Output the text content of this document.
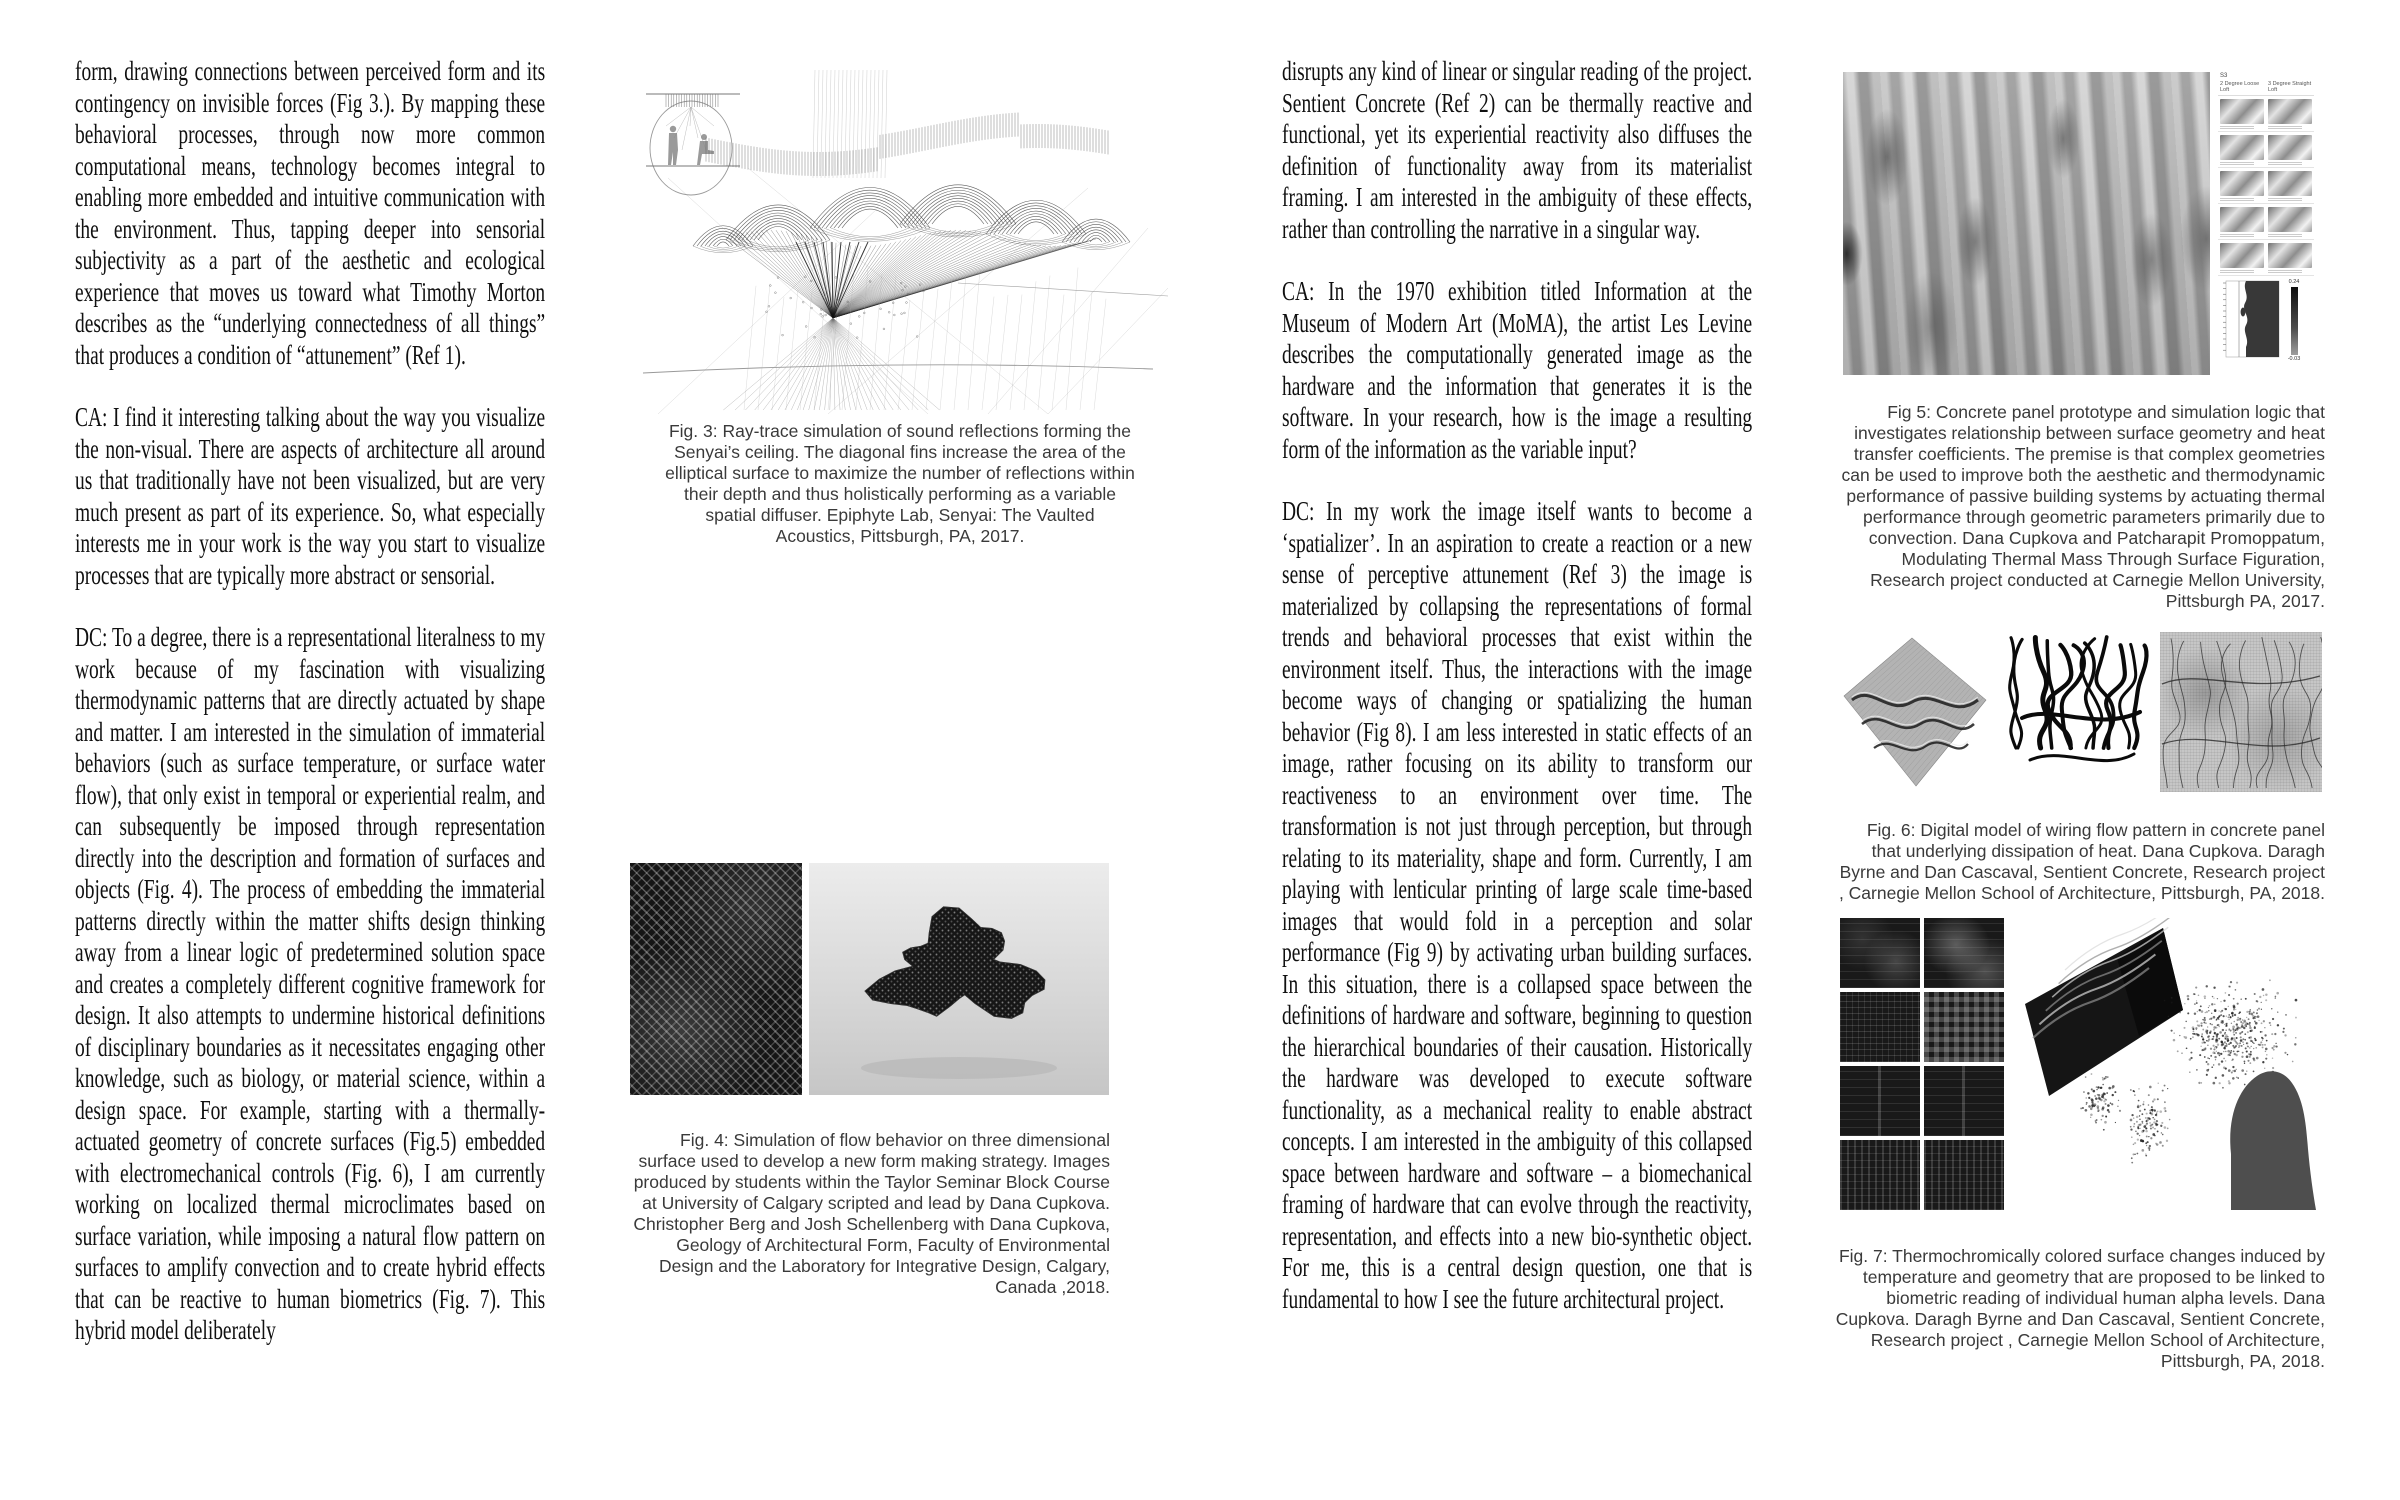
form, drawing connections between perceived form and its contingency on invisible forces (Fig 3.). By mapping these behavioral processes, through now more common computational means, technology becomes integral to enabling more embedded and intuitive communication with the environment. Thus, tapping deeper into sensorial subjectivity as a part of the aesthetic and ecological experience that moves us toward what Timothy Morton describes as the “underlying connectedness of all things” that produces a condition of “attunement” (Ref 1).

CA: I find it interesting talking about the way you visualize the non-visual. There are aspects of architecture all around us that traditionally have not been visualized, but are very much present as part of its experience. So, what especially interests me in your work is the way you start to visualize processes that are typically more abstract or sensorial.

DC: To a degree, there is a representational literalness to my work because of my fascination with visualizing thermodynamic patterns that are directly actuated by shape and matter. I am interested in the simulation of immaterial behaviors (such as surface temperature, or surface water flow), that only exist in temporal or experiential realm, and can subsequently be imposed through representation directly into the description and formation of surfaces and objects (Fig. 4). The process of embedding the immaterial patterns directly within the matter shifts design thinking away from a linear logic of predetermined solution space and creates a completely different cognitive framework for design. It also attempts to undermine historical definitions of disciplinary boundaries as it necessitates engaging other knowledge, such as biology, or material science, within a design space. For example, starting with a thermally-actuated geometry of concrete surfaces (Fig.5) embedded with electromechanical controls (Fig. 6), I am currently working on localized thermal microclimates based on surface variation, while imposing a natural flow pattern on surfaces to amplify convection and to create hybrid effects that can be reactive to human biometrics (Fig. 7). This hybrid model deliberately

Fig. 3: Ray-trace simulation of sound reflections forming the Senyai’s ceiling. The diagonal fins increase the area of the elliptical surface to maximize the number of reflections within their depth and thus holistically performing as a variable spatial diffuser. Epiphyte Lab, Senyai: The Vaulted Acoustics, Pittsburgh, PA, 2017.
Fig. 4: Simulation of flow behavior on three dimensional surface used to develop a new form making strategy. Images produced by students within the Taylor Seminar Block Course at University of Calgary scripted and lead by Dana Cupkova. Christopher Berg and Josh Schellenberg with Dana Cupkova, Geology of Architectural Form, Faculty of Environmental Design and the Laboratory for Integrative Design, Calgary, Canada ,2018.

disrupts any kind of linear or singular reading of the project. Sentient Concrete (Ref 2) can be thermally reactive and functional, yet its experiential reactivity also diffuses the definition of functionality away from its materialist framing. I am interested in the ambiguity of these effects, rather than controlling the narrative in a singular way.

CA: In the 1970 exhibition titled Information at the Museum of Modern Art (MoMA), the artist Les Levine describes the computationally generated image as the hardware and the information that generates it is the software. In your research, how is the image a resulting form of the information as the variable input?

DC: In my work the image itself wants to become a ‘spatializer’. In an aspiration to create a reaction or a new sense of perceptive attunement (Ref 3) the image is materialized by collapsing the representations of formal trends and behavioral processes that exist within the environment itself. Thus, the interactions with the image become ways of changing or spatializing the human behavior (Fig 8). I am less interested in static effects of an image, rather focusing on its ability to transform our reactiveness to an environment over time. The transformation is not just through perception, but through relating to its materiality, shape and form. Currently, I am playing with lenticular printing of large scale time-based images that would fold in a perception and solar performance (Fig 9) by activating urban building surfaces. In this situation, there is a collapsed space between the definitions of hardware and software, beginning to question the hierarchical boundaries of their causation. Historically the hardware was developed to execute software functionality, as a mechanical reality to enable abstract concepts. I am interested in the ambiguity of this collapsed space between hardware and software – a biomechanical framing of hardware that can evolve through the reactivity, representation, and effects into a new bio-synthetic object. For me, this is a central design question, one that is fundamental to how I see the future architectural project.

S3
2 Degree Loose Loft
3 Degree Straight Loft
0.24
-0.03
Fig 5: Concrete panel prototype and simulation logic that investigates relationship between surface geometry and heat transfer coefficients. The premise is that complex geometries can be used to improve both the aesthetic and thermodynamic performance of passive building systems by actuating thermal performance through geometric parameters primarily due to convection. Dana Cupkova and Patcharapit Promoppatum, Modulating Thermal Mass Through Surface Figuration, Research project conducted at Carnegie Mellon University, Pittsburgh PA, 2017.
Fig. 6: Digital model of wiring flow pattern in concrete panel that underlying dissipation of heat. Dana Cupkova. Daragh Byrne and Dan Cascaval, Sentient Concrete, Research project , Carnegie Mellon School of Architecture, Pittsburgh, PA, 2018.
Fig. 7: Thermochromically colored surface changes induced by temperature and geometry that are proposed to be linked to biometric reading of individual human alpha levels. Dana Cupkova. Daragh Byrne and Dan Cascaval, Sentient Concrete, Research project , Carnegie Mellon School of Architecture, Pittsburgh, PA, 2018.
